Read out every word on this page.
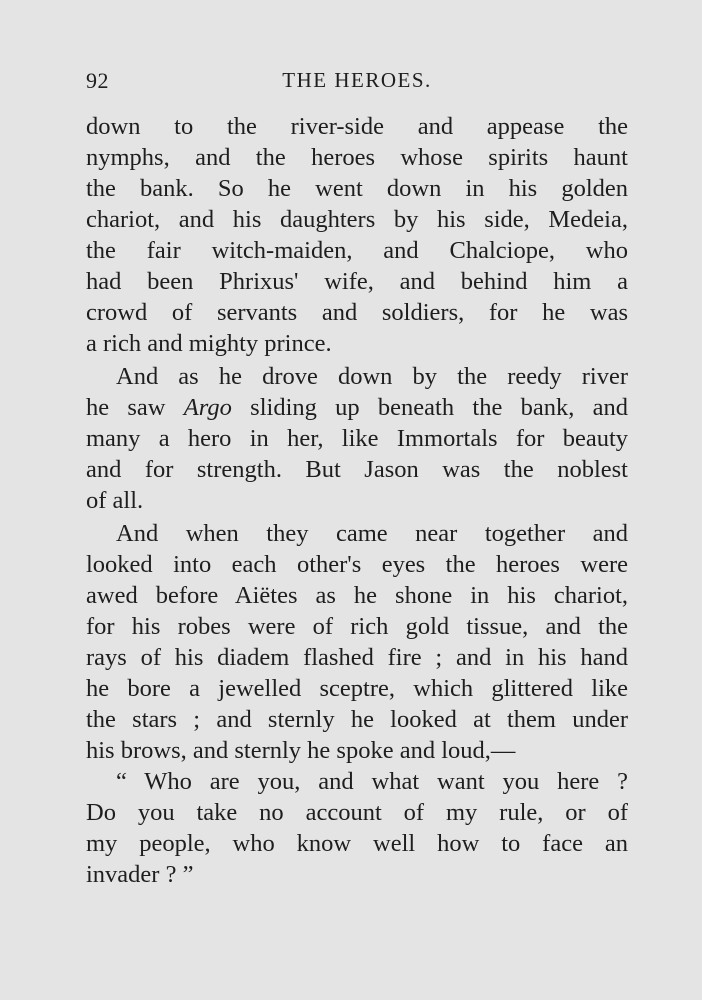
92	THE HEROES.
down to the river-side and appease the
nymphs, and the heroes whose spirits haunt
the bank. So he went down in his golden
chariot, and his daughters by his side, Medeia,
the fair witch-maiden, and Chalciope, who
had been Phrixus' wife, and behind him a
crowd of servants and soldiers, for he was
a rich and mighty prince.
And as he drove down by the reedy river
he saw Argo sliding up beneath the bank, and
many a hero in her, like Immortals for beauty
and for strength. But Jason was the noblest
of all.
And when they came near together and
looked into each other's eyes the heroes were
awed before Aiëtes as he shone in his chariot,
for his robes were of rich gold tissue, and the
rays of his diadem flashed fire ; and in his hand
he bore a jewelled sceptre, which glittered like
the stars ; and sternly he looked at them under
his brows, and sternly he spoke and loud,—
“ Who are you, and what want you here ?
Do you take no account of my rule, or of
my people, who know well how to face an
invader ? ”
